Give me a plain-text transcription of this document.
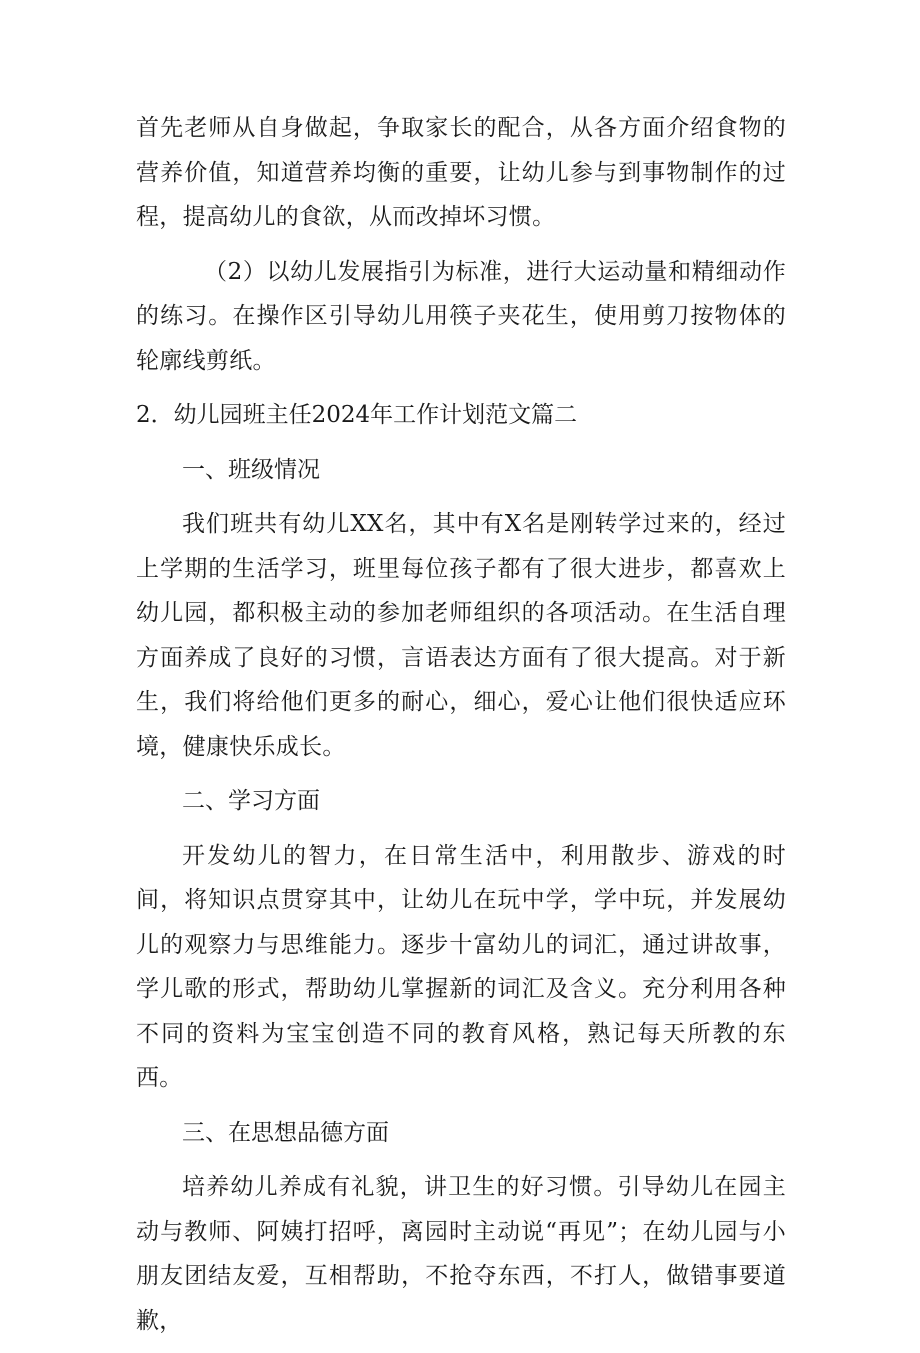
首先老师从自身做起，争取家长的配合，从各方面介绍食物的营养价值，知道营养均衡的重要，让幼儿参与到事物制作的过程，提高幼儿的食欲，从而改掉坏习惯。

（2）以幼儿发展指引为标准，进行大运动量和精细动作的练习。在操作区引导幼儿用筷子夹花生，使用剪刀按物体的轮廓线剪纸。

2．幼儿园班主任2024年工作计划范文篇二

一、班级情况

我们班共有幼儿XX名，其中有X名是刚转学过来的，经过上学期的生活学习，班里每位孩子都有了很大进步，都喜欢上幼儿园，都积极主动的参加老师组织的各项活动。在生活自理方面养成了良好的习惯，言语表达方面有了很大提高。对于新生，我们将给他们更多的耐心，细心，爱心让他们很快适应环境，健康快乐成长。

二、学习方面

开发幼儿的智力，在日常生活中，利用散步、游戏的时间，将知识点贯穿其中，让幼儿在玩中学，学中玩，并发展幼儿的观察力与思维能力。逐步十富幼儿的词汇，通过讲故事，学儿歌的形式，帮助幼儿掌握新的词汇及含义。充分利用各种不同的资料为宝宝创造不同的教育风格，熟记每天所教的东西。

三、在思想品德方面

培养幼儿养成有礼貌，讲卫生的好习惯。引导幼儿在园主动与教师、阿姨打招呼，离园时主动说“再见”；在幼儿园与小朋友团结友爱，互相帮助，不抢夺东西，不打人，做错事要道歉，
